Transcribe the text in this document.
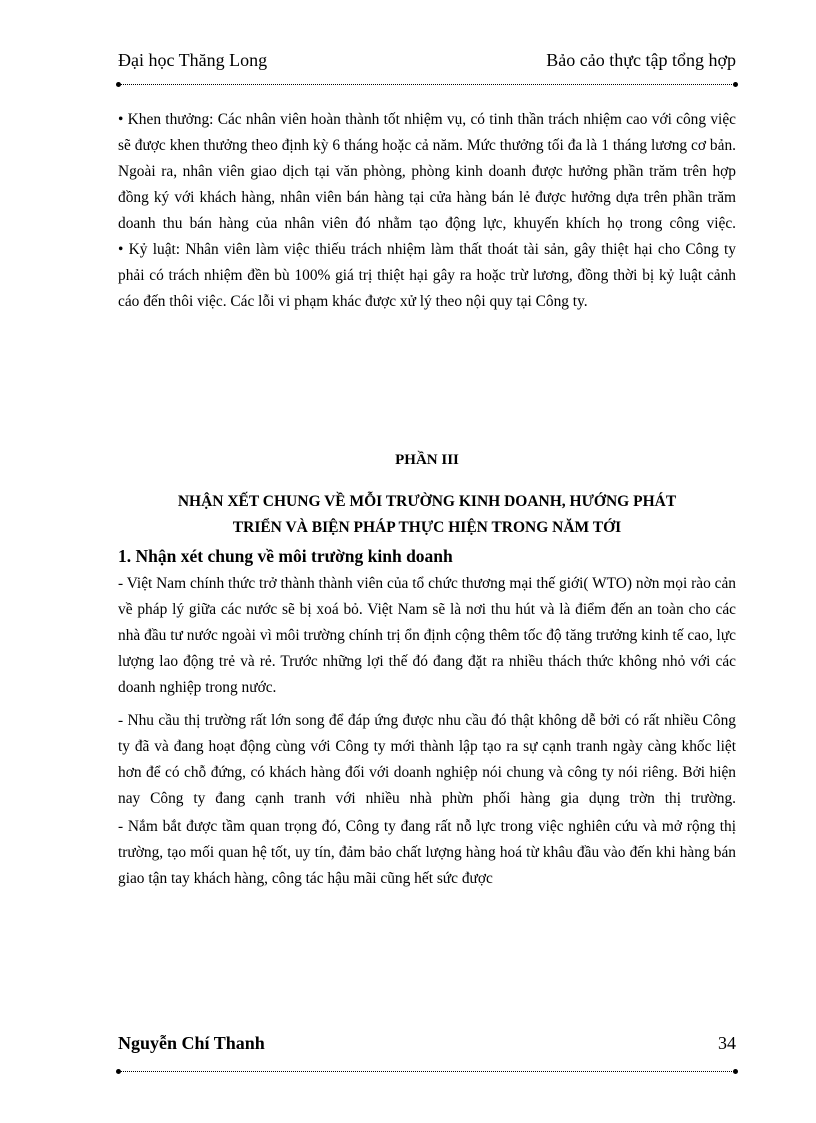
Đại học Thăng Long	Bảo cảo thực tập tổng hợp

• Khen thưởng: Các nhân viên hoàn thành tốt nhiệm vụ, có tinh thần trách nhiệm cao với công việc sẽ được khen thưởng theo định kỳ 6 tháng hoặc cả năm. Mức thưởng tối đa là 1 tháng lương cơ bản. Ngoài ra, nhân viên giao dịch tại văn phòng, phòng kinh doanh được hưởng phần trăm trên hợp đồng ký với khách hàng, nhân viên bán hàng tại cửa hàng bán lẻ được hưởng dựa trên phần trăm doanh thu bán hàng của nhân viên đó nhằm tạo động lực, khuyến khích họ trong công việc.

• Kỷ luật: Nhân viên làm việc thiếu trách nhiệm làm thất thoát tài sản, gây thiệt hại cho Công ty phải có trách nhiệm đền bù 100% giá trị thiệt hại gây ra hoặc trừ lương, đồng thời bị kỷ luật cảnh cáo đến thôi việc. Các lỗi vi phạm khác được xử lý theo nội quy tại Công ty.

PHẦN III

NHẬN XẾT CHUNG VỀ MỖI TRƯỜNG KINH DOANH, HƯỚNG PHÁT

TRIỂN VÀ BIỆN PHÁP THỰC HIỆN TRONG NĂM TỚI

1. Nhận xét chung về môi trường kinh doanh

- Việt Nam chính thức trở thành thành viên của tổ chức thương mại thế giới( WTO) nờn mọi rào cản về pháp lý giữa các nước sẽ bị xoá bỏ. Việt Nam sẽ là nơi thu hút và là điểm đến an toàn cho các nhà đầu tư nước ngoài vì môi trường chính trị ổn định cộng thêm tốc độ tăng trưởng kinh tế cao, lực lượng lao động trẻ và rẻ. Trước những lợi thế đó đang đặt ra nhiều thách thức không nhỏ với các doanh nghiệp trong nước.

- Nhu cầu thị trường rất lớn song để đáp ứng được nhu cầu đó thật không dễ bởi có rất nhiều Công ty đã và đang hoạt động cùng với Công ty mới thành lập tạo ra sự cạnh tranh ngày càng khốc liệt hơn để có chỗ đứng, có khách hàng đối với doanh nghiệp nói chung và công ty nói riêng. Bởi hiện nay Công ty đang cạnh tranh với nhiều nhà phừn phối hàng gia dụng trờn thị trường.

- Nắm bắt được tầm quan trọng đó, Công ty đang rất nỗ lực trong việc nghiên cứu và mở rộng thị trường, tạo mối quan hệ tốt, uy tín, đảm bảo chất lượng hàng hoá từ khâu đầu vào đến khi hàng bán giao tận tay khách hàng, công tác hậu mãi cũng hết sức được

Nguyễn Chí Thanh	34
